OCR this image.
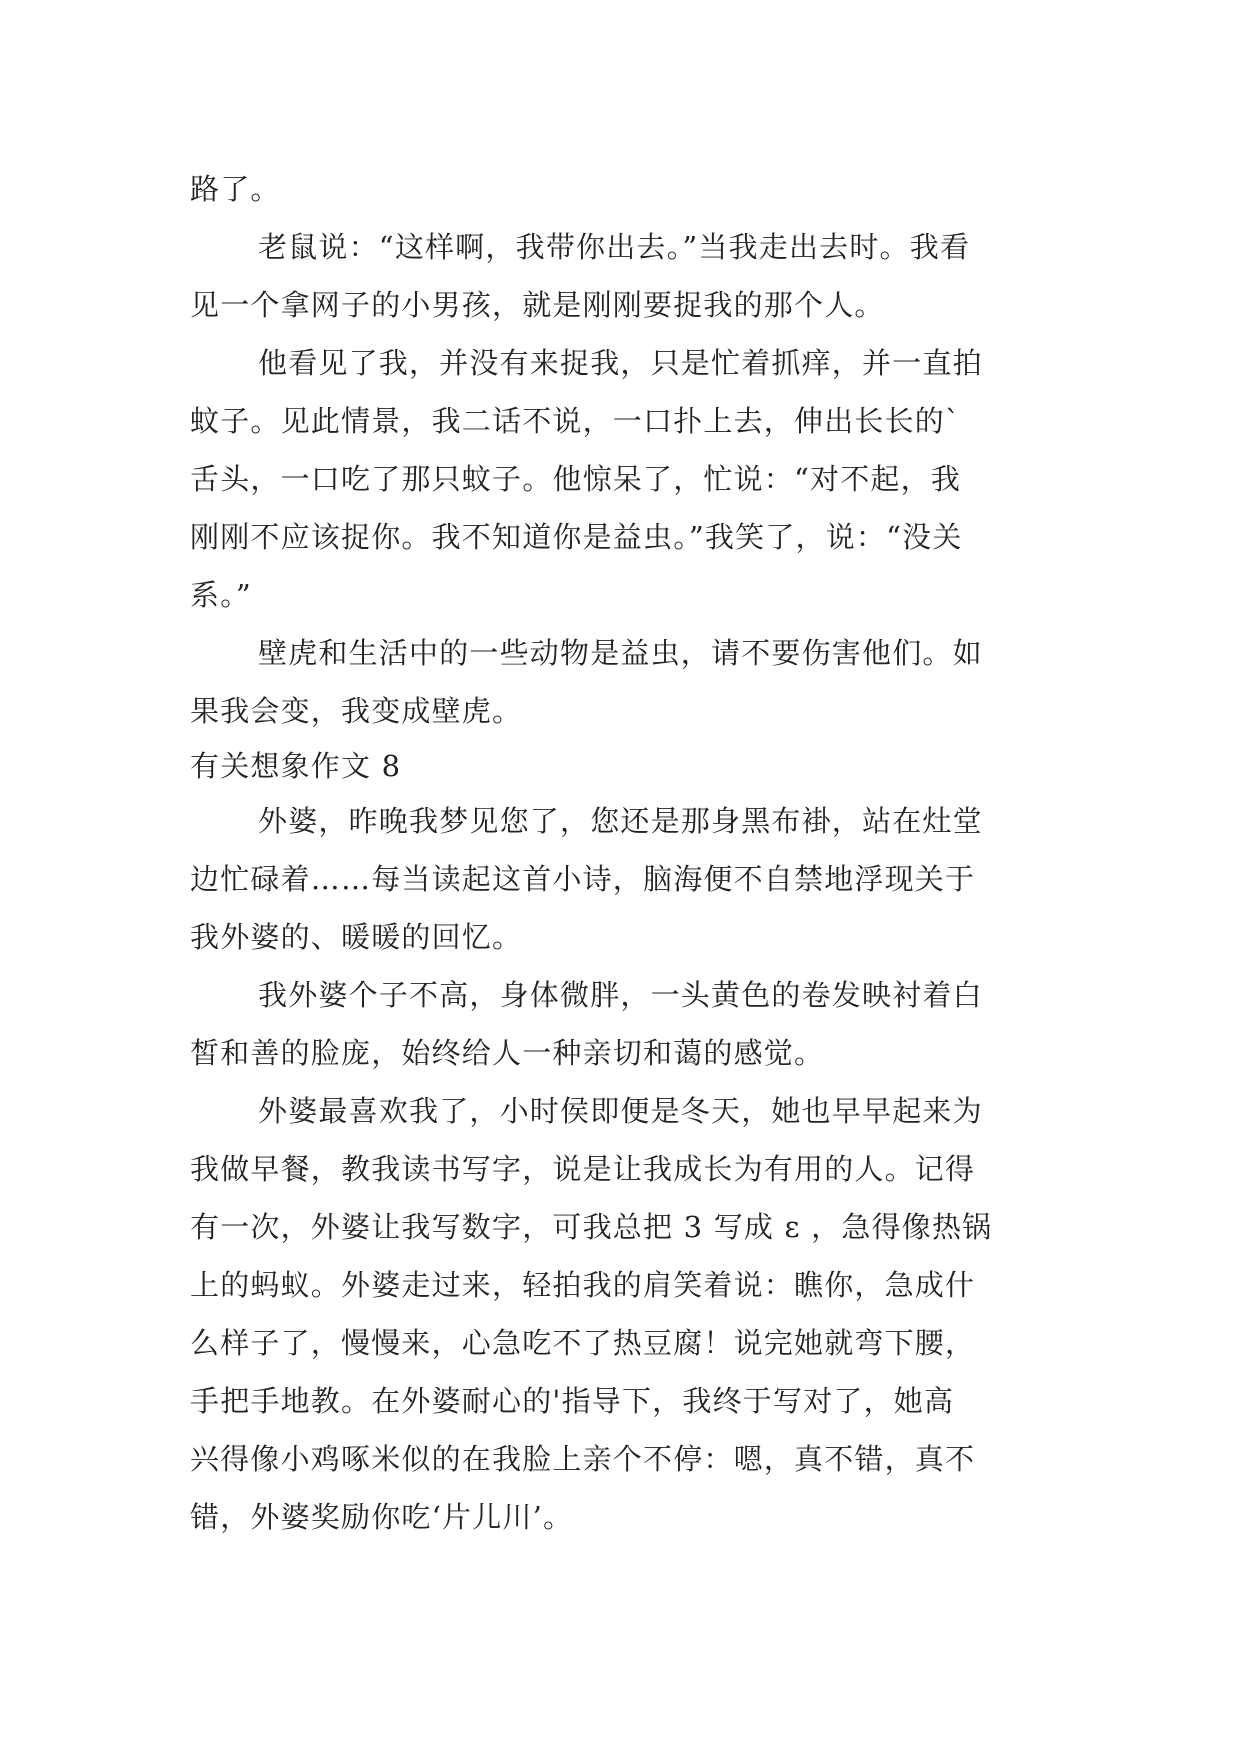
路了。
老鼠说：“这样啊，我带你出去。”当我走出去时。我看
见一个拿网子的小男孩，就是刚刚要捉我的那个人。
他看见了我，并没有来捉我，只是忙着抓痒，并一直拍
蚊子。见此情景，我二话不说，一口扑上去，伸出长长的`
舌头，一口吃了那只蚊子。他惊呆了，忙说：“对不起，我
刚刚不应该捉你。我不知道你是益虫。”我笑了，说：“没关
系。”
壁虎和生活中的一些动物是益虫，请不要伤害他们。如
果我会变，我变成壁虎。
有关想象作文 8
外婆，昨晚我梦见您了，您还是那身黑布褂，站在灶堂
边忙碌着……每当读起这首小诗，脑海便不自禁地浮现关于
我外婆的、暖暖的回忆。
我外婆个子不高，身体微胖，一头黄色的卷发映衬着白
皙和善的脸庞，始终给人一种亲切和蔼的感觉。
外婆最喜欢我了，小时侯即便是冬天，她也早早起来为
我做早餐，教我读书写字，说是让我成长为有用的人。记得
有一次，外婆让我写数字，可我总把 3 写成 ε ，急得像热锅
上的蚂蚁。外婆走过来，轻拍我的肩笑着说：瞧你，急成什
么样子了，慢慢来，心急吃不了热豆腐！说完她就弯下腰，
手把手地教。在外婆耐心的'指导下，我终于写对了，她高
兴得像小鸡啄米似的在我脸上亲个不停：嗯，真不错，真不
错，外婆奖励你吃‘片儿川’。
